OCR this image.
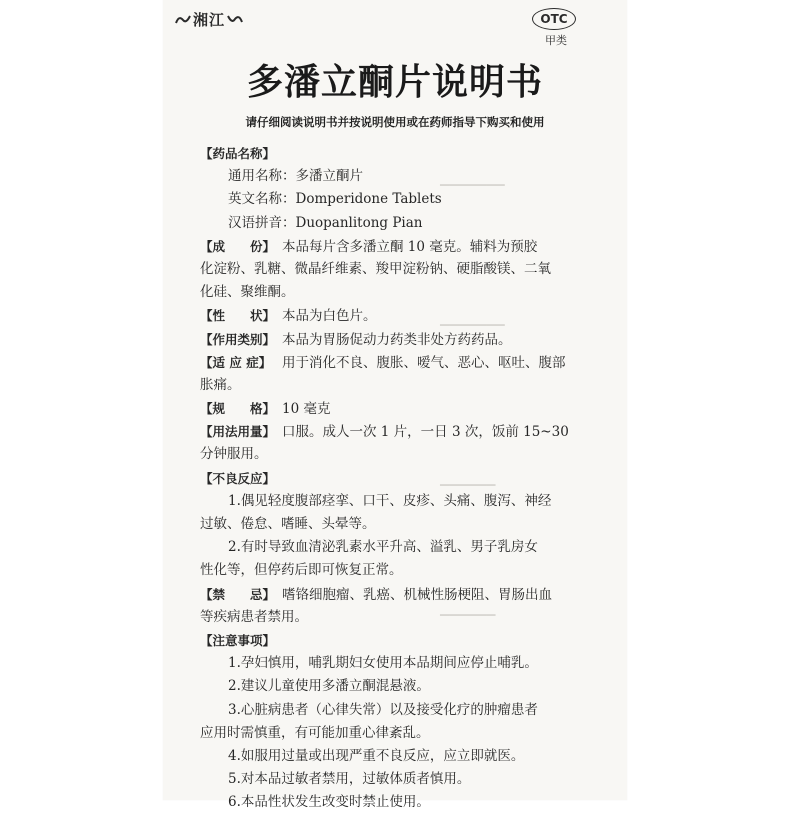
▁▁▁▁▁▁▁
▁▁▁▁▁▁▁
▁▁▁▁▁▁
▁▁▁▁▁▁
湘江	OTC
甲类
多潘立酮片说明书
请仔细阅读说明书并按说明使用或在药师指导下购买和使用
【药品名称】
通用名称：多潘立酮片
英文名称：Domperidone Tablets
汉语拼音：Duopanlitong Pian
【成　　份】 本品每片含多潘立酮 10 毫克。辅料为预胶
化淀粉、乳糖、微晶纤维素、羧甲淀粉钠、硬脂酸镁、二氧
化硅、聚维酮。
【性　　状】 本品为白色片。
【作用类别】 本品为胃肠促动力药类非处方药药品。
【适 应 症】 用于消化不良、腹胀、嗳气、恶心、呕吐、腹部
胀痛。
【规　　格】 10 毫克
【用法用量】 口服。成人一次 1 片，一日 3 次，饭前 15~30
分钟服用。
【不良反应】
1.偶见轻度腹部痉挛、口干、皮疹、头痛、腹泻、神经
过敏、倦怠、嗜睡、头晕等。
2.有时导致血清泌乳素水平升高、溢乳、男子乳房女
性化等，但停药后即可恢复正常。
【禁　　忌】 嗜铬细胞瘤、乳癌、机械性肠梗阻、胃肠出血
等疾病患者禁用。
【注意事项】
1.孕妇慎用，哺乳期妇女使用本品期间应停止哺乳。
2.建议儿童使用多潘立酮混悬液。
3.心脏病患者（心律失常）以及接受化疗的肿瘤患者
应用时需慎重，有可能加重心律紊乱。
4.如服用过量或出现严重不良反应，应立即就医。
5.对本品过敏者禁用，过敏体质者慎用。
6.本品性状发生改变时禁止使用。
